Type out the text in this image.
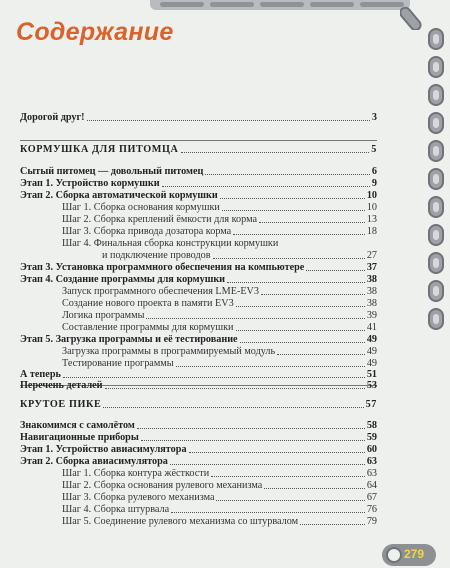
Содержание
Дорогой друг!	3
КОРМУШКА ДЛЯ ПИТОМЦА	5
Сытый питомец — довольный питомец	6
Этап 1. Устройство кормушки	9
Этап 2. Сборка автоматической кормушки	10
Шаг 1. Сборка основания кормушки	10
Шаг 2. Сборка креплений ёмкости для корма	13
Шаг 3. Сборка привода дозатора корма	18
Шаг 4. Финальная сборка конструкции кормушки
и подключение проводов	27
Этап 3. Установка программного обеспечения на компьютере	37
Этап 4. Создание программы для кормушки	38
Запуск программного обеспечения LME-EV3	38
Создание нового проекта в памяти EV3	38
Логика программы	39
Составление программы для кормушки	41
Этап 5. Загрузка программы и её тестирование	49
Загрузка программы в программируемый модуль	49
Тестирование программы	49
А теперь	51
Перечень деталей	53
КРУТОЕ ПИКЕ	57
Знакомимся с самолётом	58
Навигационные приборы	59
Этап 1. Устройство авиасимулятора	60
Этап 2. Сборка авиасимулятора	63
Шаг 1. Сборка контура жёсткости	63
Шаг 2. Сборка основания рулевого механизма	64
Шаг 3. Сборка рулевого механизма	67
Шаг 4. Сборка штурвала	76
Шаг 5. Соединение рулевого механизма со штурвалом	79
279
